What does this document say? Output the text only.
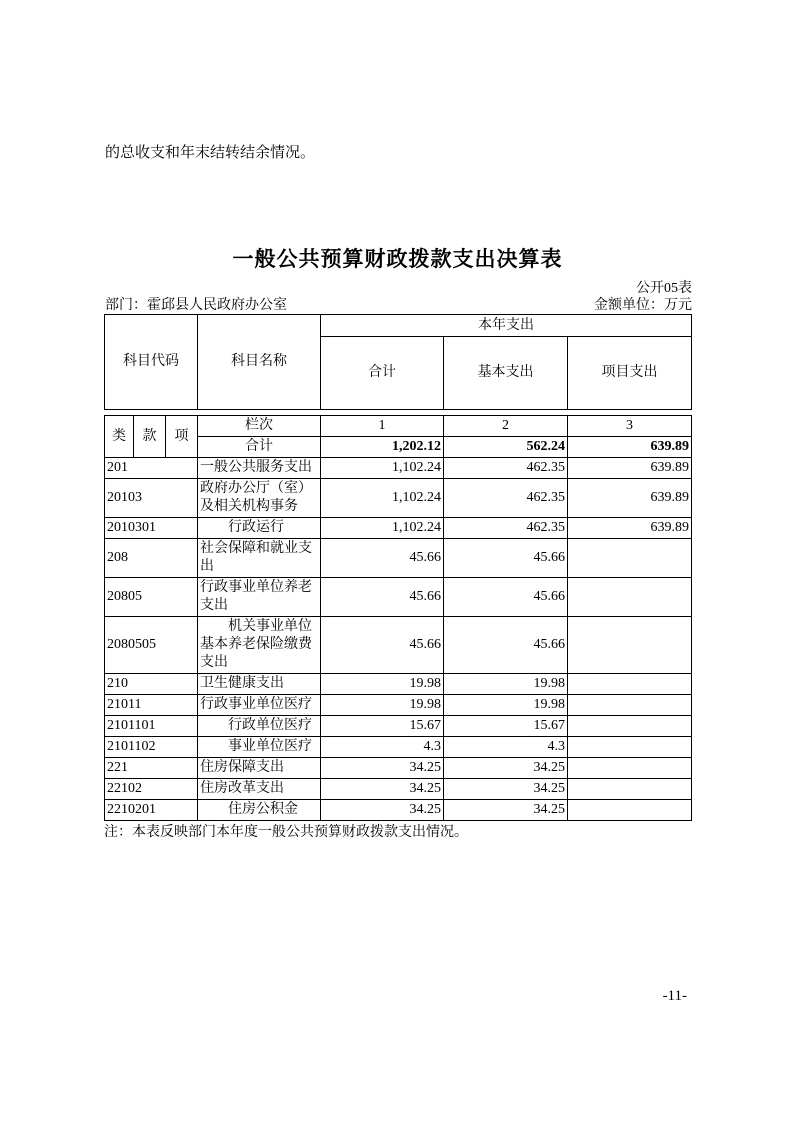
的总收支和年末结转结余情况。
一般公共预算财政拨款支出决算表
公开05表
部门：霍邱县人民政府办公室	金额单位：万元
科目代码	科目名称	本年支出		
		合计	基本支出	项目支出
类	款	项	栏次	1	2	3
			合计	1,202.12	562.24	639.89
201			一般公共服务支出	1,102.24	462.35	639.89
20103			政府办公厅（室）及相关机构事务	1,102.24	462.35	639.89
2010301			行政运行	1,102.24	462.35	639.89
208			社会保障和就业支出	45.66	45.66	
20805			行政事业单位养老支出	45.66	45.66	
2080505			机关事业单位基本养老保险缴费支出	45.66	45.66	
210			卫生健康支出	19.98	19.98	
21011			行政事业单位医疗	19.98	19.98	
2101101			行政单位医疗	15.67	15.67	
2101102			事业单位医疗	4.3	4.3	
221			住房保障支出	34.25	34.25	
22102			住房改革支出	34.25	34.25	
2210201			住房公积金	34.25	34.25	
注：本表反映部门本年度一般公共预算财政拨款支出情况。
-11-
